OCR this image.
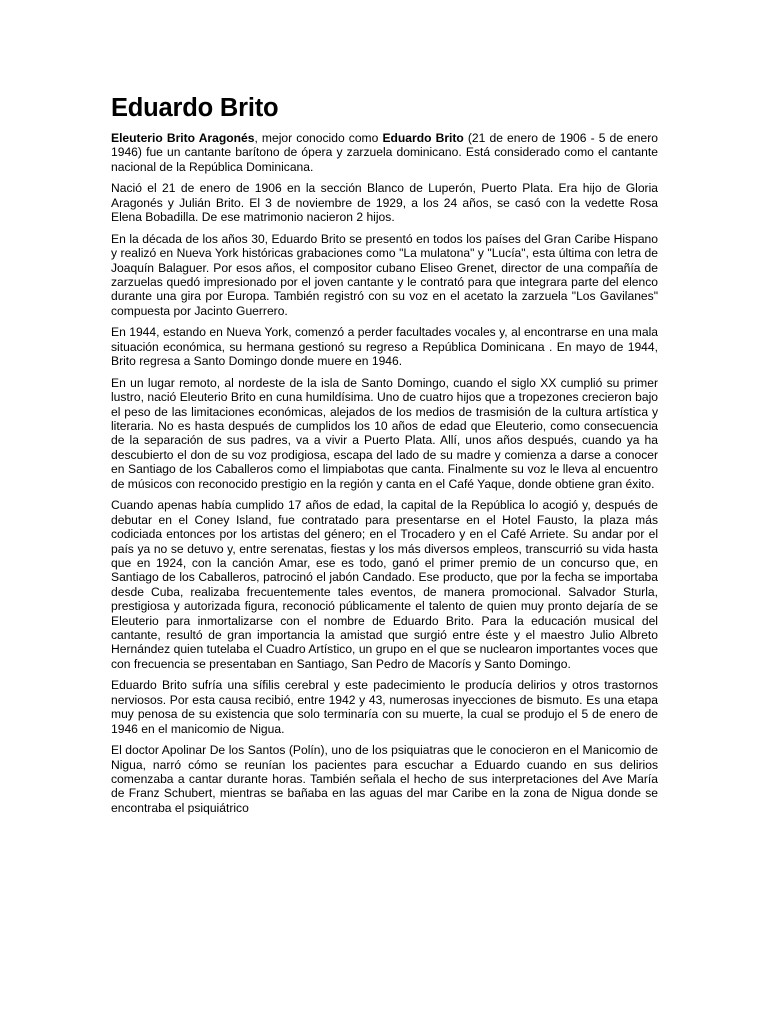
Eduardo Brito

Eleuterio Brito Aragonés, mejor conocido como Eduardo Brito (21 de enero de 1906 - 5 de enero 1946) fue un cantante barítono de ópera y zarzuela dominicano. Está considerado como el cantante nacional de la República Dominicana.

Nació el 21 de enero de 1906 en la sección Blanco de Luperón, Puerto Plata. Era hijo de Gloria Aragonés y Julián Brito. El 3 de noviembre de 1929, a los 24 años, se casó con la vedette Rosa Elena Bobadilla. De ese matrimonio nacieron 2 hijos.

En la década de los años 30, Eduardo Brito se presentó en todos los países del Gran Caribe Hispano y realizó en Nueva York históricas grabaciones como "La mulatona" y "Lucía", esta última con letra de Joaquín Balaguer. Por esos años, el compositor cubano Eliseo Grenet, director de una compañía de zarzuelas quedó impresionado por el joven cantante y le contrató para que integrara parte del elenco durante una gira por Europa. También registró con su voz en el acetato la zarzuela "Los Gavilanes" compuesta por Jacinto Guerrero.

En 1944, estando en Nueva York, comenzó a perder facultades vocales y, al encontrarse en una mala situación económica, su hermana gestionó su regreso a República Dominicana . En mayo de 1944, Brito regresa a Santo Domingo donde muere en 1946.

En un lugar remoto, al nordeste de la isla de Santo Domingo, cuando el siglo XX cumplió su primer lustro, nació Eleuterio Brito en cuna humildísima. Uno de cuatro hijos que a tropezones crecieron bajo el peso de las limitaciones económicas, alejados de los medios de trasmisión de la cultura artística y literaria. No es hasta después de cumplidos los 10 años de edad que Eleuterio, como consecuencia de la separación de sus padres, va a vivir a Puerto Plata. Allí, unos años después, cuando ya ha descubierto el don de su voz prodigiosa, escapa del lado de su madre y comienza a darse a conocer en Santiago de los Caballeros como el limpiabotas que canta. Finalmente su voz le lleva al encuentro de músicos con reconocido prestigio en la región y canta en el Café Yaque, donde obtiene gran éxito.

Cuando apenas había cumplido 17 años de edad, la capital de la República lo acogió y, después de debutar en el Coney Island, fue contratado para presentarse en el Hotel Fausto, la plaza más codiciada entonces por los artistas del género; en el Trocadero y en el Café Arriete. Su andar por el país ya no se detuvo y, entre serenatas, fiestas y los más diversos empleos, transcurrió su vida hasta que en 1924, con la canción Amar, ese es todo, ganó el primer premio de un concurso que, en Santiago de los Caballeros, patrocinó el jabón Candado. Ese producto, que por la fecha se importaba desde Cuba, realizaba frecuentemente tales eventos, de manera promocional. Salvador Sturla, prestigiosa y autorizada figura, reconoció públicamente el talento de quien muy pronto dejaría de se Eleuterio para inmortalizarse con el nombre de Eduardo Brito. Para la educación musical del cantante, resultó de gran importancia la amistad que surgió entre éste y el maestro Julio Albreto Hernández quien tutelaba el Cuadro Artístico, un grupo en el que se nuclearon importantes voces que con frecuencia se presentaban en Santiago, San Pedro de Macorís y Santo Domingo.

Eduardo Brito sufría una sífilis cerebral y este padecimiento le producía delirios y otros trastornos nerviosos. Por esta causa recibió, entre 1942 y 43, numerosas inyecciones de bismuto. Es una etapa muy penosa de su existencia que solo terminaría con su muerte, la cual se produjo el 5 de enero de 1946 en el manicomio de Nigua.

El doctor Apolinar De los Santos (Polín), uno de los psiquiatras que le conocieron en el Manicomio de Nigua, narró cómo se reunían los pacientes para escuchar a Eduardo cuando en sus delirios comenzaba a cantar durante horas. También señala el hecho de sus interpretaciones del Ave María de Franz Schubert, mientras se bañaba en las aguas del mar Caribe en la zona de Nigua donde se encontraba el psiquiátrico
